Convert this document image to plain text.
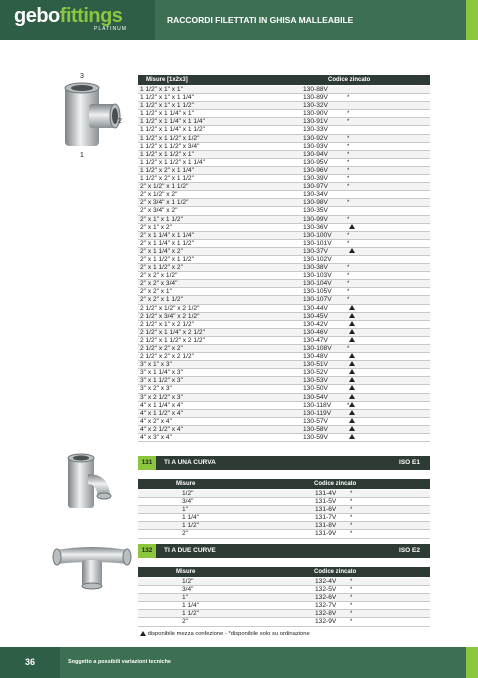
gebofittings
PLATINUM
RACCORDI FILETTATI IN GHISA MALLEABILE
3
2
1
Misure [1x2x3]	Codice zincato
1 1/2" x 1" x 1"	130-88V
1 1/2" x 1" x 1 1/4"	130-89V	*
1 1/2" x 1" x 1 1/2"	130-32V
1 1/2" x 1 1/4" x 1"	130-90V	*
1 1/2" x 1 1/4" x 1 1/4"	130-91V	*
1 1/2" x 1 1/4" x 1 1/2"	130-33V
1 1/2" x 1 1/2" x 1/2"	130-92V	*
1 1/2" x 1 1/2" x 3/4"	130-93V	*
1 1/2" x 1 1/2" x 1"	130-94V	*
1 1/2" x 1 1/2" x 1 1/4"	130-95V	*
1 1/2" x 2" x 1 1/4"	130-96V	*
1 1/2" x 2" x 1 1/2"	130-39V	*
2" x 1/2" x 1 1/2"	130-97V	*
2" x 1/2" x 2"	130-34V
2" x 3/4" x 1 1/2"	130-98V	*
2" x 3/4" x 2"	130-35V
2" x 1" x 1 1/2"	130-99V	*
2" x 1" x 2"	130-36V
2" x 1 1/4" x 1 1/4"	130-100V	*
2" x 1 1/4" x 1 1/2"	130-101V	*
2" x 1 1/4" x 2"	130-37V
2" x 1 1/2" x 1 1/2"	130-102V
2" x 1 1/2" x 2"	130-38V	*
2" x 2" x 1/2"	130-103V	*
2" x 2" x 3/4"	130-104V	*
2" x 2" x 1"	130-105V	*
2" x 2" x 1 1/2"	130-107V	*
2 1/2" x 1/2" x 2 1/2"	130-44V
2 1/2" x 3/4" x 2 1/2"	130-45V
2 1/2" x 1" x 2 1/2"	130-42V
2 1/2" x 1 1/4" x 2 1/2"	130-46V
2 1/2" x 1 1/2" x 2 1/2"	130-47V
2 1/2" x 2" x 2"	130-108V	*
2 1/2" x 2" x 2 1/2"	130-48V
3" x 1" x 3"	130-51V
3" x 1 1/4" x 3"	130-52V
3" x 1 1/2" x 3"	130-53V
3" x 2" x 3"	130-50V
3" x 2 1/2" x 3"	130-54V
4" x 1 1/4" x 4"	130-118V	*
4" x 1 1/2" x 4"	130-119V
4" x 2" x 4"	130-57V
4" x 2 1/2" x 4"	130-58V
4" x 3" x 4"	130-59V
131	TI A UNA CURVA	ISO E1
Misure	Codice zincato
1/2"	131-4V *
3/4"	131-5V *
1"	131-6V *
1 1/4"	131-7V *
1 1/2"	131-8V *
2"	131-9V *
132	TI A DUE CURVE	ISO E2
Misure	Codice zincato
1/2"	132-4V *
3/4"	132-5V *
1"	132-6V *
1 1/4"	132-7V *
1 1/2"	132-8V *
2"	132-9V *
disponibile mezza confezione - *disponibile solo su ordinazione
36	Soggetto a possibili variazioni tecniche
